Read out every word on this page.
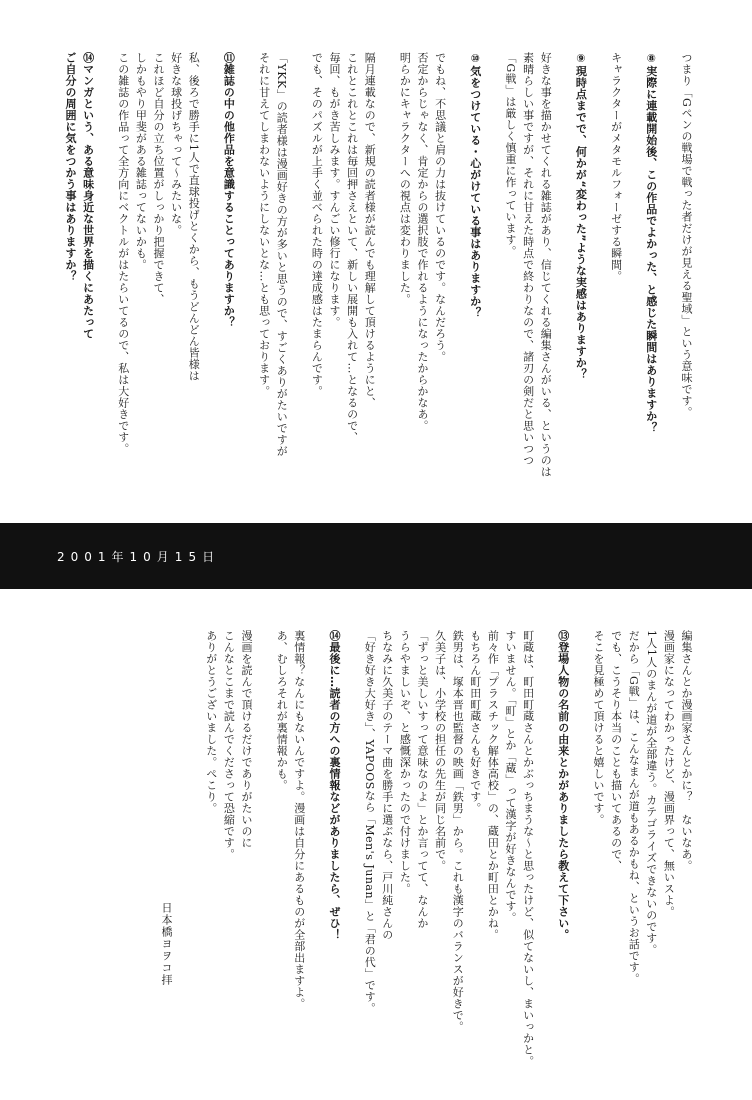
つまり「Gペンの戦場で戦った者だけが見える聖域」という意味です。
⑧実際に連載開始後、この作品でよかった、と感じた瞬間はありますか？
キャラクターがメタモルフォーゼする瞬間。
⑨現時点までで、何かが“変わった”ような実感はありますか？
好きな事を描かせてくれる雑誌があり、信じてくれる編集さんがいる、というのは
素晴らしい事ですが、それに甘えた時点で終わりなので、諸刃の剣だと思いつつ
「G戦」は厳しく慎重に作っています。
⑩気をつけている・心がけている事はありますか？
でもね、不思議と肩の力は抜けているのです。なんだろう。
否定からじゃなく、肯定からの選択肢で作れるようになったからかなあ。
明らかにキャラクターへの視点は変わりました。
隔月連載なので、新規の読者様が読んでも理解して頂けるようにと、
これとこれとこれは毎回押さえといて、新しい展開も入れて…となるので、
毎回、もがき苦しみます。すんごい修行になります。
でも、そのパズルが上手く並べられた時の達成感はたまらんです。
「YKK」の読者様は漫画好きの方が多いと思うので、すごくありがたいですが
それに甘えてしまわないようにしないとな…とも思っております。
⑪雑誌の中の他作品を意識することってありますか？
私、後ろで勝手に1人で直球投げとくから、もうどんどん皆様は
好きな球投げちゃって〜みたいな。
これほど自分の立ち位置がしっかり把握できて、
しかもやり甲斐がある雑誌ってないかも。
この雑誌の作品って全方向にベクトルがはたらいてるので、私は大好きです。
⑭マンガという、ある意味身近な世界を描くにあたって
ご自分の周囲に気をつかう事はありますか？
2001年10月15日
編集さんとか漫画家さんとかに？　ないなあ。
漫画家になってわかったけど、漫画界って、無いスよ。
1人1人のまんが道が全部違う。カテゴライズできないのです。
だから「G戦」は、こんなまんが道もあるかもね、というお話です。
でも、こうそり本当のことも描いてあるので、
そこを見極めて頂けると嬉しいです。
⑬登場人物の名前の由来とかがありましたら教えて下さい。
町蔵は、町田町蔵さんとかぶっちまうな〜と思ったけど、似てないし、まいっかと。
すいません。「町」とか「蔵」って漢字が好きなんです。
前々作「プラスチック解体高校」の、蔵田とか町田とかね。
もちろん町田町蔵さんも好きです。
鉄男は、塚本晋也監督の映画「鉄男」から。これも漢字のバランスが好きで。
久美子は、小学校の担任の先生が同じ名前で。
「ずっと美しいすって意味なのよ」とか言ってて、なんか
うらやましいぞ、と感慨深かったので付けました。
ちなみに久美子のテーマ曲を勝手に選ぶなら、戸川純さんの
「好き好き大好き」、YAPOOSなら「Men's Junan」と「君の代」です。
⑭最後に…読者の方への裏情報などがありましたら、ぜひ！
裏情報？なんにもないんですよ。漫画は自分にあるものが全部出ますよ。
あ、むしろそれが裏情報かも。
漫画を読んで頂けるだけでありがたいのに
こんなとこまで読んでくださって恐縮です。
ありがとうございました。ぺこり。
日本橋ヨヲコ拝
